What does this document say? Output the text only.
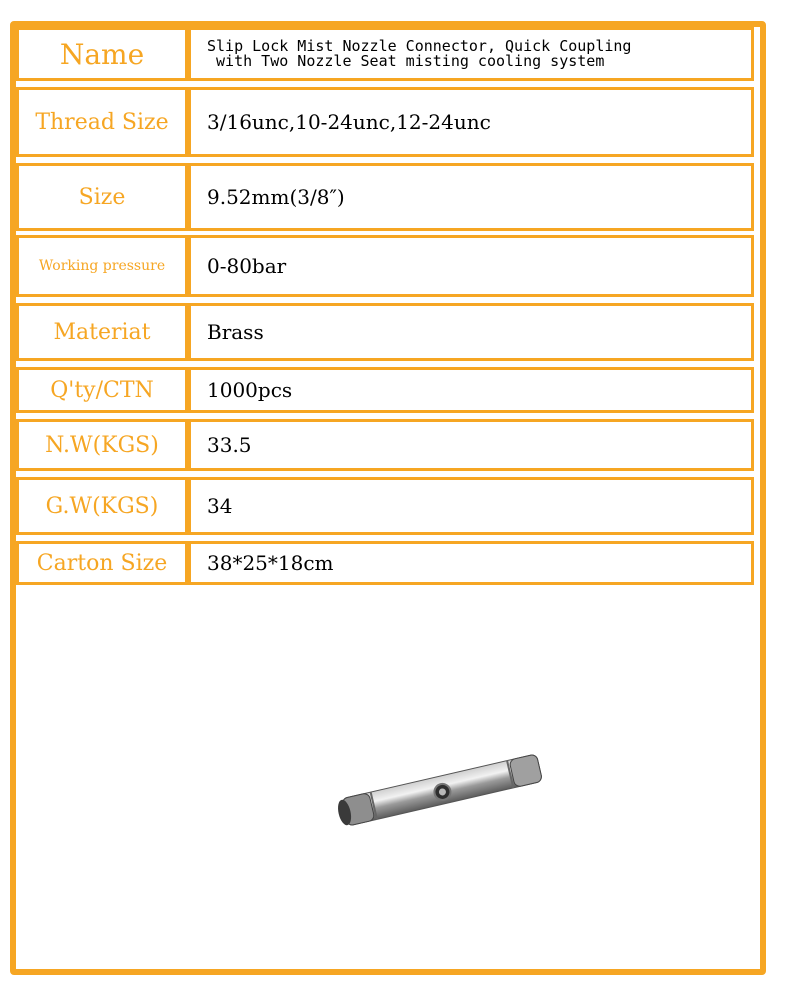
Name	Slip Lock Mist Nozzle Connector, Quick Coupling
with Two Nozzle Seat misting cooling system
Thread Size	3/16unc,10-24unc,12-24unc
Size	9.52mm(3/8″)
Working pressure	0-80bar
Materiat	Brass
Q'ty/CTN	1000pcs
N.W(KGS)	33.5
G.W(KGS)	34
Carton Size	38*25*18cm
